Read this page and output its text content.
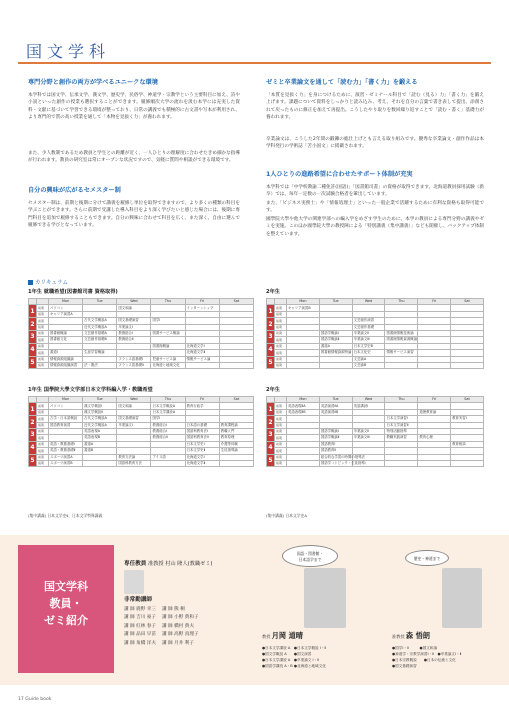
国文学科
専門分野と創作の両方が学べるユニークな環境
本学科では国文学、伝承文学、漢文学、歴史学、民俗学、神道学・宗教学という主要科目に加え、詩や小説といった創作の授業も選択することができます。履修順次大学の流れを汲む本学には充実した資料・文献に基づいて学習できる環境が整っており、日常の講義でも積極的に古文書や写本が利用され、より専門的で質の高い授業を通して「本物を見抜く力」が養われます。
また、少人数制であるため教員と学生との距離が近く、一人ひとりの理解度に合わせたきめ細かな指導が行われます。教員の研究室は常にオープンな状況ですので、気軽に質問や相談ができる環境です。
自分の興味が広がるセメスター制
セメスター制は、前期と後期に分けて講義を履修し単位を取得できますので、より多くの種類の科目を学ぶことができます。さらに前期で受講した導入科目をより深く学びたいと感じた場合には、後期に専門科目を追加で履修することもできます。自分の興味に合わせて科目を広く、また深く、自由に選んで履修できる学びとなっています。
ゼミと卒業論文を通して「読む力」「書く力」を鍛える
「本質を見抜く力」を身につけるために、演習・ゼミナール科目で「読む（見る）力」「書く力」を鍛え上げます。課題について資料をしっかりと読み込み、考え、それを自分の言葉で書き表して提出。添削されて戻ったものに修正を加えて再提出。こうしたやり取りを数回繰り返すことで「読む・書く」基礎力が養われます。
卒業論文は、こうした2年間の鍛錬の総仕上げとも言える取り組みです。優秀な卒業論文・創作作品は本学科発行の学術誌「苫小国文」に掲載されます。
1人ひとりの進路希望に合わせたサポート体制が充実
本学科では「中学校教諭二種免許(国語)」「図書館司書」の資格が取得できます。北海道教員採用試験（新卒）では、毎年一定数の一次試験合格者を輩出しています。
また、「ビジネス実務士」や「情報処理士」といった一般企業で活躍するために有利な資格も取得可能です。
國學院大學や他大学の関連学部への編入学をめざす学生のために、本学の教員による専門分野の講義やゼミを実施。このほか國學院大學の教授陣による「特別講義（集中講義）」なども開催し、バックアップ体制を整えています。
カリキュラム
1年生 就職希望(図書館司書 資格取得)
		Mon	Tue	Wed	Thu	Fri	Sat
1	前期	パソコン		国文和論		インターンシップ	
	後期	キャリア演習A					
2	前期		古代文学概説A	国文基礎演習	国学Ⅰ		
	後期		近代文学概説A	卒業論文Ⅰ			
3	前期	図書館概論	文芸創作基礎A	教養総合Ⅰ	図書サービス概論		
	後期	図書館文化	文芸創作基礎B	教養総合Ⅱ			
4	前期				図書館概論	北海道文学Ⅰ	
	後期	書道Ⅰ	生涯学習概論			北海道文学Ⅱ	
5	前期	情報資源組織論		フランス語基礎Ⅰ	児童サービス論	情報サービス論	
	後期	情報資源組織演習	法・憲法	フランス語基礎Ⅱ	北海道と地域文化		
2年生
		Mon	Tue	Wed	Thu	Fri	Sat
1	前期	キャリア演習B					
	後期						
2	前期			文芸創作演習			
	後期			文芸創作基礎			
3	前期		国語学概論Ⅰ	卒業論文Ⅱ	図書館情報技術論		
	後期		国語学概論Ⅱ	卒業論文Ⅲ	図書館情報資源概論		
4	前期		書道A	日本文学史B			
	後期		図書館情報資源特論	日本文化史	情報サービス演習		
5	前期			文芸論A			
	後期			文芸論B			
1年生 国學院大學文学部日本文学科編入学・教職希望
		Mon	Tue	Wed	Thu	Fri	Sat
1	前期	パソコン	漢文学概説Ⅰ	国文和論	日本文学概説A	教育行政学	
	後期		漢文学概説Ⅱ		日本文学講読A		
2	前期	古学・日本語概説	古代文学概説A	国文基礎演習	国学Ⅰ		
	後期	国語教育演習	近代文学概説A	卒業論文Ⅰ	教養総合Ⅰ	日本語の基礎	教育課程論
3	前期		英語表現A		教養総合Ⅰ	国語科教育法Ⅰ	教職入門
	後期		英語表現B		教養総合Ⅱ	国語科教育法Ⅱ	教育原理
4	前期	英語・教養基礎Ⅰ	書道A			日本文学史Ⅰ	介護等体験
	後期	英語・教養基礎Ⅱ	書道B			日本文学史Ⅱ	生徒指導論
5	前期	スポーツ演習A		教育方法論	アイヌ語	北海道文学Ⅰ	
	後期	スポーツ演習B		国語科教育方法		北海道文学Ⅱ	
2年生
		Mon	Tue	Wed	Thu	Fri	Sat
1	前期	英語表現ⅡA	英語演習ⅡA	英語講読Ⅰ			
	後期	英語表現ⅡB	英語演習ⅡB			道徳教育論	
2	前期				日本文学演習Ⅰ		教育実習Ⅰ
	後期				日本文学演習Ⅱ		
3	前期		国語学概論Ⅰ	卒業論文Ⅱ	特別活動指導		
	後期		国語学概論Ⅱ	卒業論文Ⅲ	教職実践演習	教育心理	
4	前期		国語教育Ⅰ				教育相談
	後期		国語教育Ⅱ				
5	前期		総合的な学習の時間の指導法				
	後期		国語学（トピック・生徒指導）				
(集中講義) 日本文学史Ⅱ、日本文学特殊講義	(集中講義) 日本文学史A
国文学科
教員・
ゼミ紹介
専任教員 准教授 村山 隆人(教職ゼミ)
非常勤講師
講 師 鹿野 幸三　 講 師 熊 桐
講 師 吉川 豪子　 講 師 小野 典和子
講 師 紅林 春子　 講 師 橋村 典夫
講 師 品田 早苗　 講 師 高野 真理子
講 師 角橋 洋夫　 講 師 月井 利子
国語・図書館・
日本語学まで	歴史・神道まで
教授 月岡 道晴
●日本文学講読 A　●日本文学概説 Ⅰ・Ⅱ
●国文学概説 A　　●国文演習
●日本文学講読 A　●卒業論文 Ⅰ・Ⅱ
●国語学講読 A・B ●北海道と地域文化
准教授 森 悟朗
●国学Ⅰ・Ⅱ　　　●国文和論
●神道学・宗教学演習Ⅰ・Ⅱ　●卒業論文Ⅰ・Ⅱ
●日本宗教概説　　●日本の伝統と文化
●国文基礎演習
17 Guide book
